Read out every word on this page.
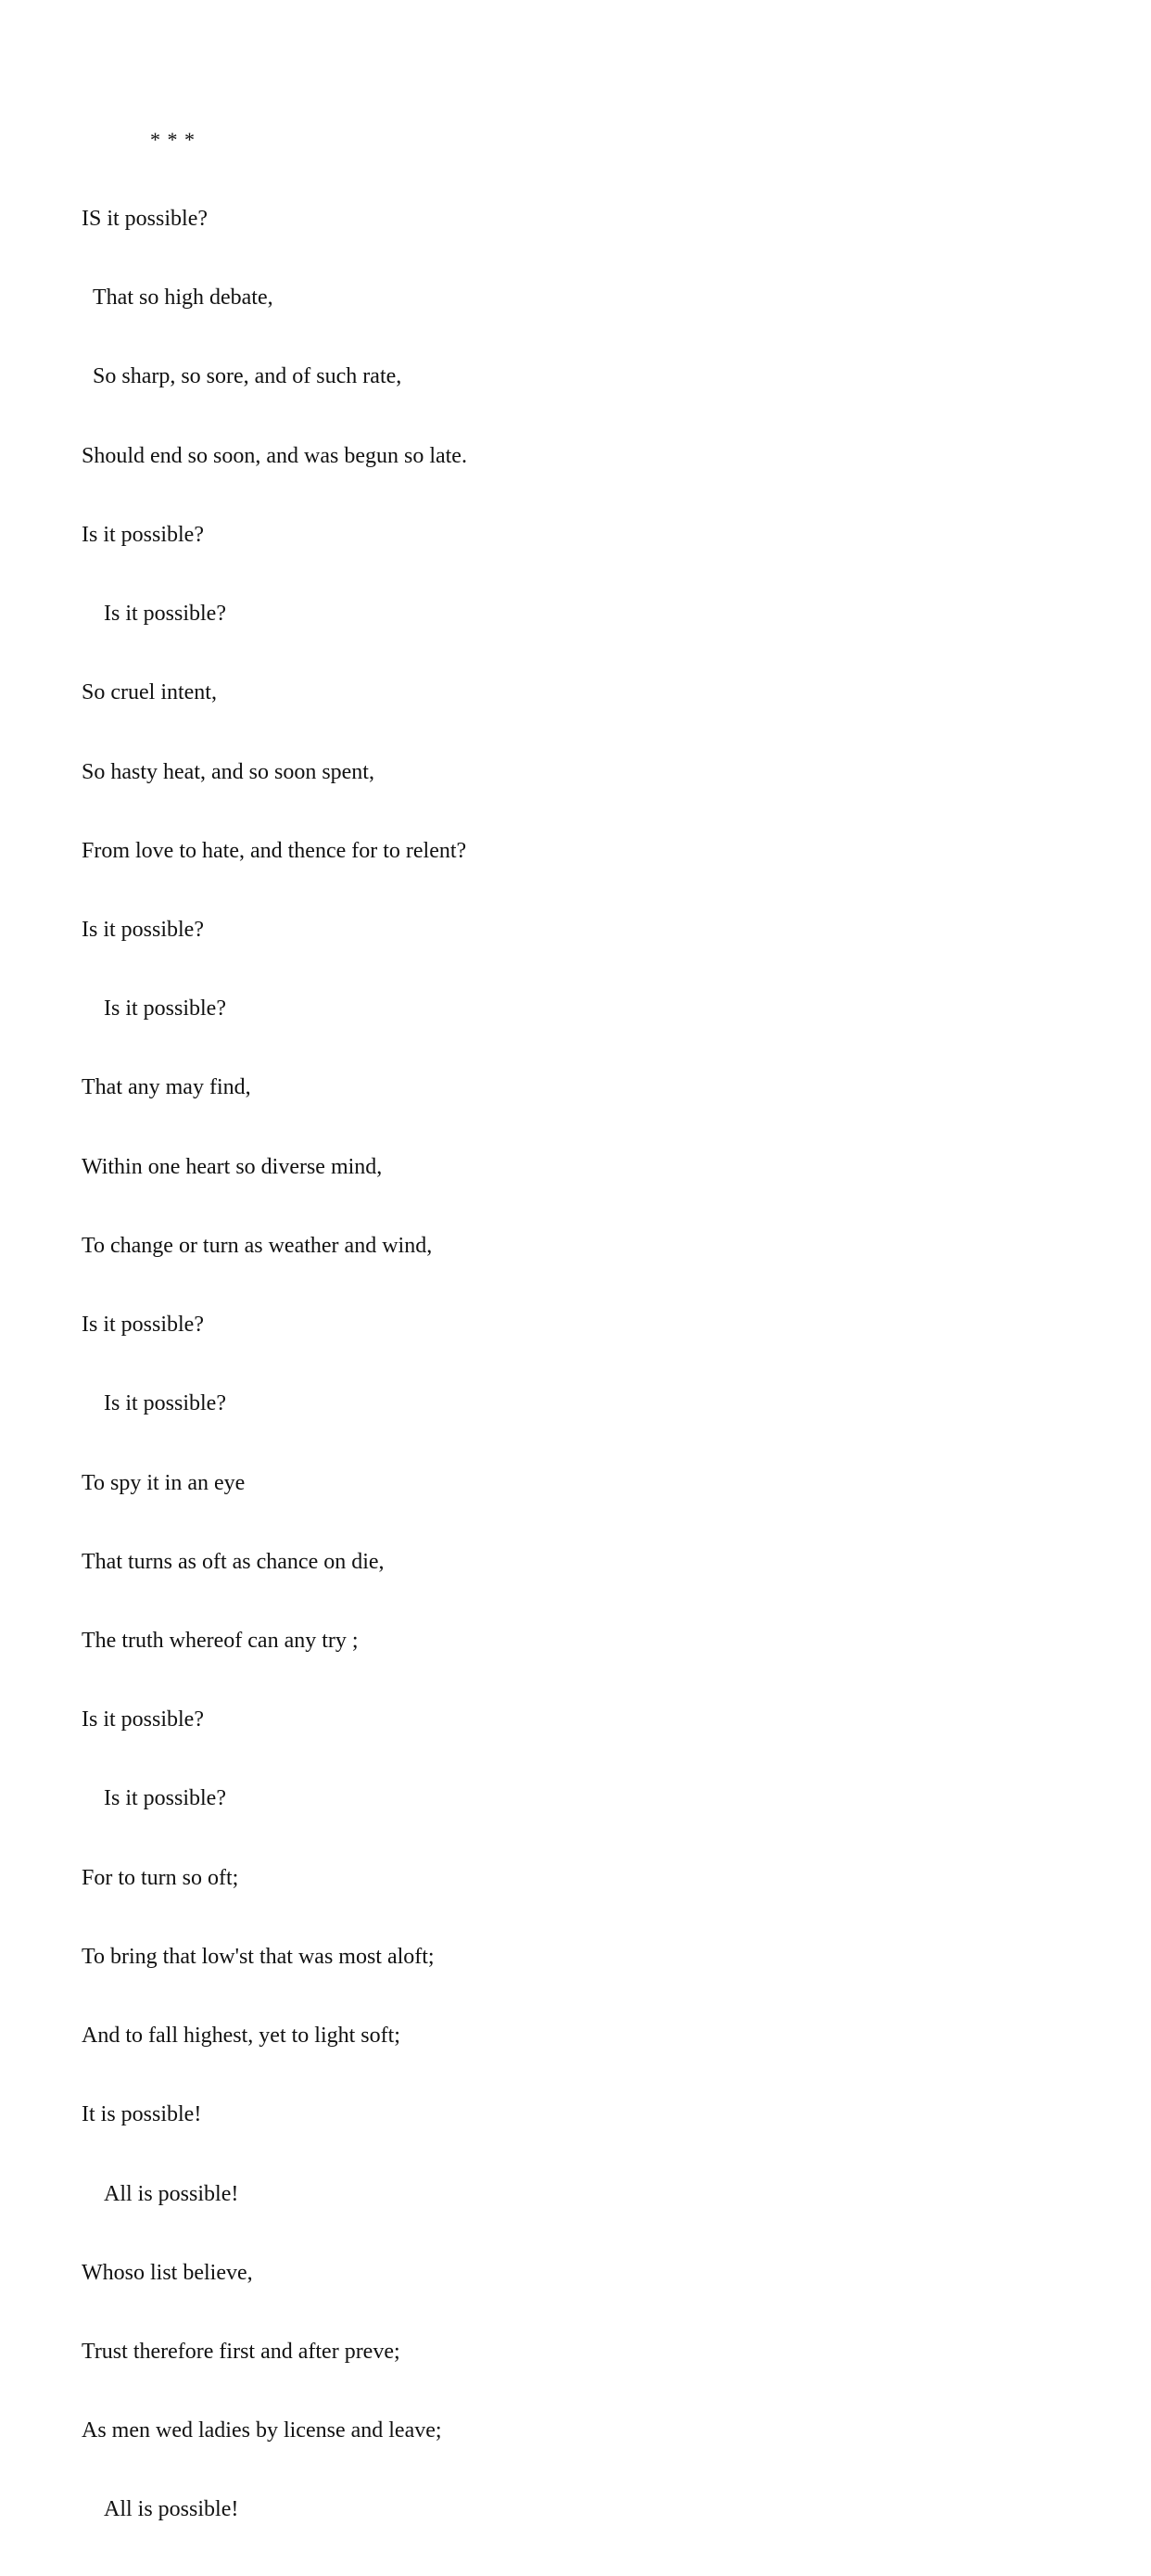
* * *

IS it possible?

That so high debate,

So sharp, so sore, and of such rate,

Should end so soon, and was begun so late.

Is it possible?

Is it possible?

So cruel intent,

So hasty heat, and so soon spent,

From love to hate, and thence for to relent?

Is it possible?

Is it possible?

That any may find,

Within one heart so diverse mind,

To change or turn as weather and wind,

Is it possible?

Is it possible?

To spy it in an eye

That turns as oft as chance on die,

The truth whereof can any try ;

Is it possible?

Is it possible?

For to turn so oft;

To bring that low'st that was most aloft;

And to fall highest, yet to light soft;

It is possible!

All is possible!

Whoso list believe,

Trust therefore first and after preve;

As men wed ladies by license and leave;

All is possible!
